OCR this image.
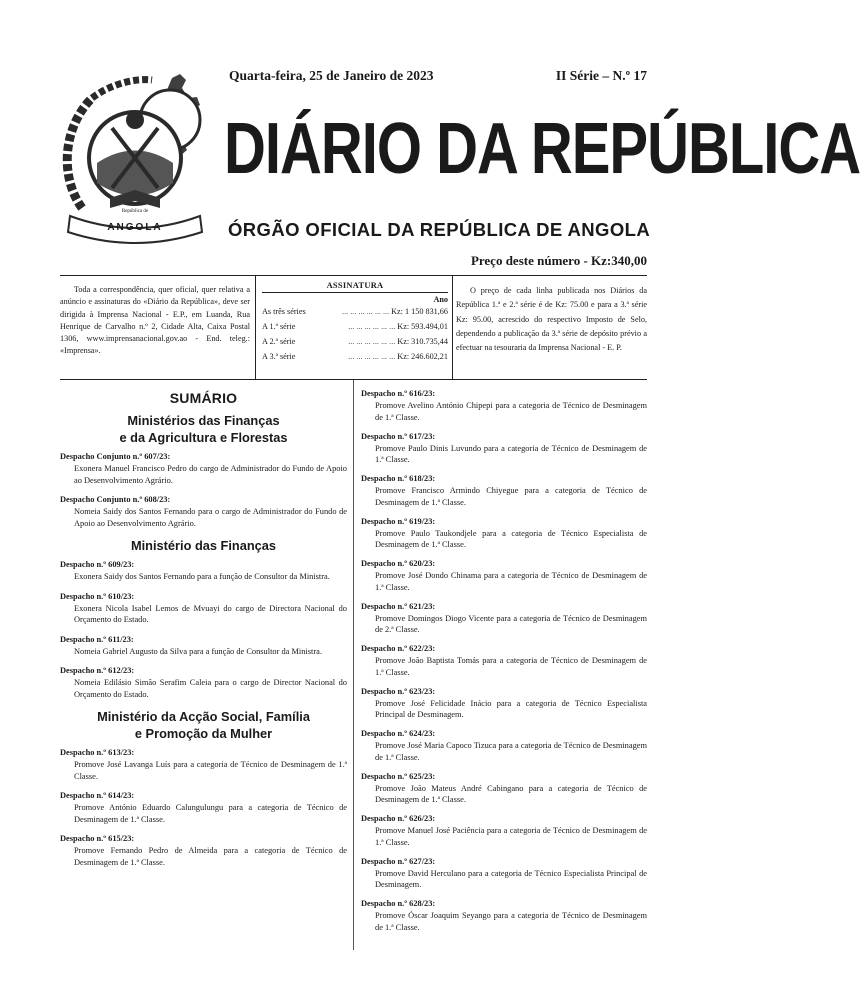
República de
ANGOLA
Quarta-feira, 25 de Janeiro de 2023	II Série – N.º 17
DIÁRIO DA REPÚBLICA
ÓRGÃO OFICIAL DA REPÚBLICA DE ANGOLA
Preço deste número - Kz:340,00
Toda a correspondência, quer oficial, quer relativa a anúncio e assinaturas do «Diário da República», deve ser dirigida à Imprensa Nacional - E.P., em Luanda, Rua Henrique de Carvalho n.º 2, Cidade Alta, Caixa Postal 1306, www.imprensanacional.gov.ao - End. teleg.: «Imprensa».
ASSINATURA
Ano
As três séries	... ... ... ... ... ... Kz: 1 150 831,66
A 1.ª série	... ... ... ... ... ... Kz: 593.494,01
A 2.ª série	... ... ... ... ... ... Kz: 310.735,44
A 3.ª série	... ... ... ... ... ... Kz: 246.602,21
O preço de cada linha publicada nos Diários da República 1.ª e 2.ª série é de Kz: 75.00 e para a 3.ª série Kz: 95.00, acrescido do respectivo Imposto de Selo, dependendo a publicação da 3.ª série de depósito prévio a efectuar na tesouraria da Imprensa Nacional - E. P.
SUMÁRIO
Ministérios das Finanças
e da Agricultura e Florestas
Despacho Conjunto n.º 607/23:
Exonera Manuel Francisco Pedro do cargo de Administrador do Fundo de Apoio ao Desenvolvimento Agrário.
Despacho Conjunto n.º 608/23:
Nomeia Saidy dos Santos Fernando para o cargo de Administrador do Fundo de Apoio ao Desenvolvimento Agrário.
Ministério das Finanças
Despacho n.º 609/23:
Exonera Saidy dos Santos Fernando para a função de Consultor da Ministra.
Despacho n.º 610/23:
Exonera Nicola Isabel Lemos de Mvuayi do cargo de Directora Nacional do Orçamento do Estado.
Despacho n.º 611/23:
Nomeia Gabriel Augusto da Silva para a função de Consultor da Ministra.
Despacho n.º 612/23:
Nomeia Edilásio Simão Serafim Caleia para o cargo de Director Nacional do Orçamento do Estado.
Ministério da Acção Social, Família
e Promoção da Mulher
Despacho n.º 613/23:
Promove José Lavanga Luís para a categoria de Técnico de Desminagem de 1.ª Classe.
Despacho n.º 614/23:
Promove António Eduardo Calungulungu para a categoria de Técnico de Desminagem de 1.ª Classe.
Despacho n.º 615/23:
Promove Fernando Pedro de Almeida para a categoria de Técnico de Desminagem de 1.ª Classe.
Despacho n.º 616/23:
Promove Avelino António Chipepi para a categoria de Técnico de Desminagem de 1.ª Classe.
Despacho n.º 617/23:
Promove Paulo Dinis Luvundo para a categoria de Técnico de Desminagem de 1.ª Classe.
Despacho n.º 618/23:
Promove Francisco Armindo Chiyegue para a categoria de Técnico de Desminagem de 1.ª Classe.
Despacho n.º 619/23:
Promove Paulo Taukondjele para a categoria de Técnico Especialista de Desminagem de 1.ª Classe.
Despacho n.º 620/23:
Promove José Dondo Chinama para a categoria de Técnico de Desminagem de 1.ª Classe.
Despacho n.º 621/23:
Promove Domingos Diogo Vicente para a categoria de Técnico de Desminagem de 2.ª Classe.
Despacho n.º 622/23:
Promove João Baptista Tomás para a categoria de Técnico de Desminagem de 1.ª Classe.
Despacho n.º 623/23:
Promove José Felicidade Inácio para a categoria de Técnico Especialista Principal de Desminagem.
Despacho n.º 624/23:
Promove José Maria Capoco Tizuca para a categoria de Técnico de Desminagem de 1.ª Classe.
Despacho n.º 625/23:
Promove João Mateus André Cabingano para a categoria de Técnico de Desminagem de 1.ª Classe.
Despacho n.º 626/23:
Promove Manuel José Paciência para a categoria de Técnico de Desminagem de 1.ª Classe.
Despacho n.º 627/23:
Promove David Herculano para a categoria de Técnico Especialista Principal de Desminagem.
Despacho n.º 628/23:
Promove Óscar Joaquim Seyango para a categoria de Técnico de Desminagem de 1.ª Classe.
